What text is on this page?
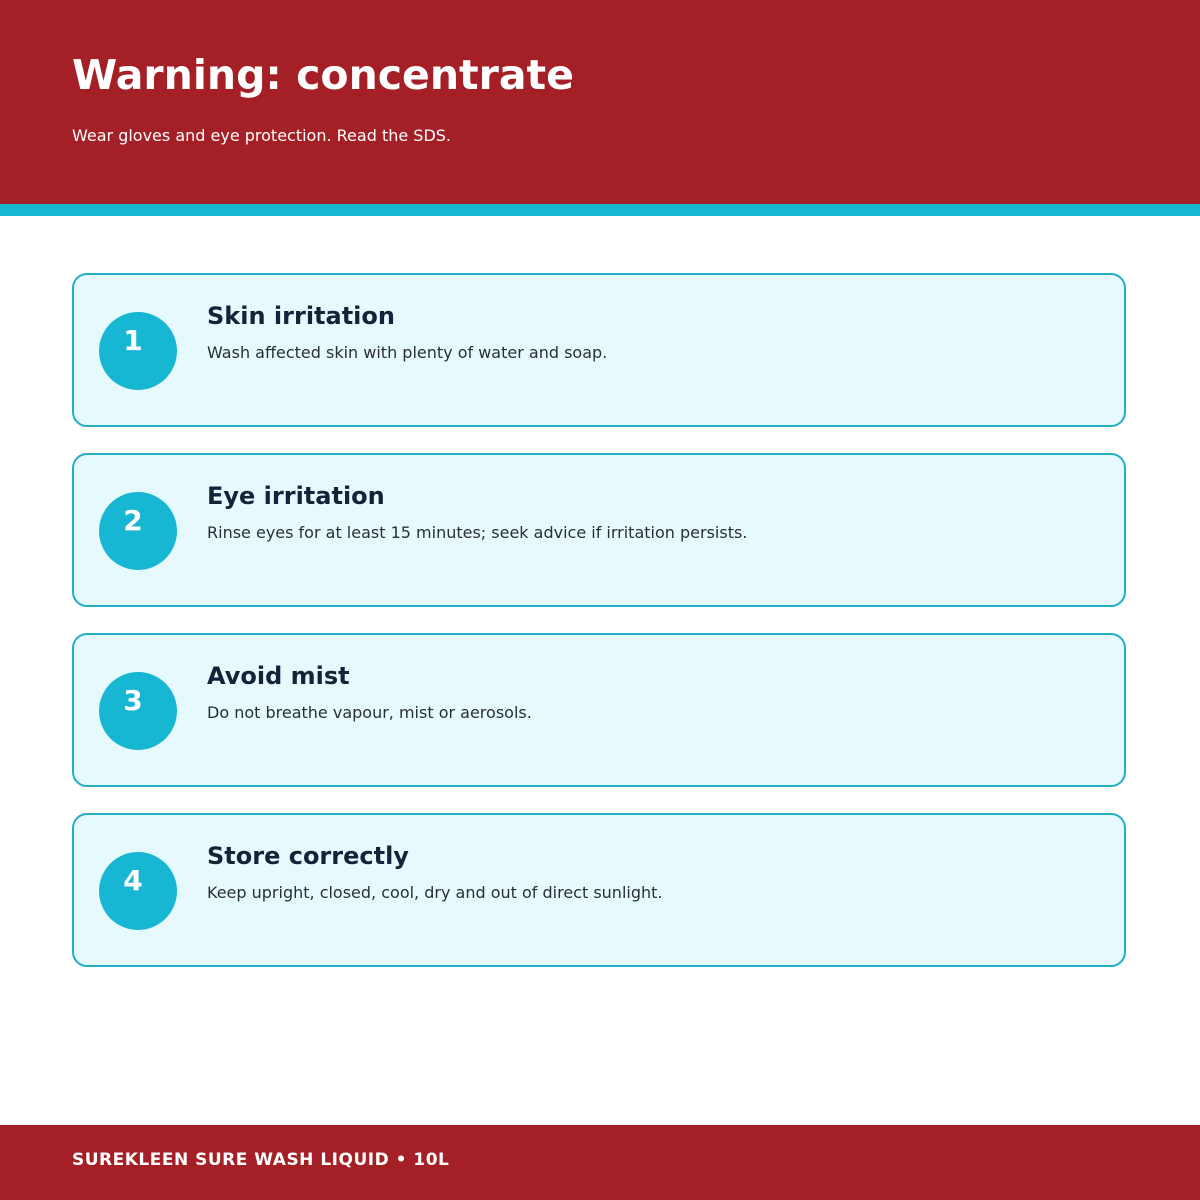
Warning: concentrate

Wear gloves and eye protection. Read the SDS.

1
Skin irritation

Wash affected skin with plenty of water and soap.

2
Eye irritation

Rinse eyes for at least 15 minutes; seek advice if irritation persists.

3
Avoid mist

Do not breathe vapour, mist or aerosols.

4
Store correctly

Keep upright, closed, cool, dry and out of direct sunlight.

SUREKLEEN SURE WASH LIQUID • 10L
